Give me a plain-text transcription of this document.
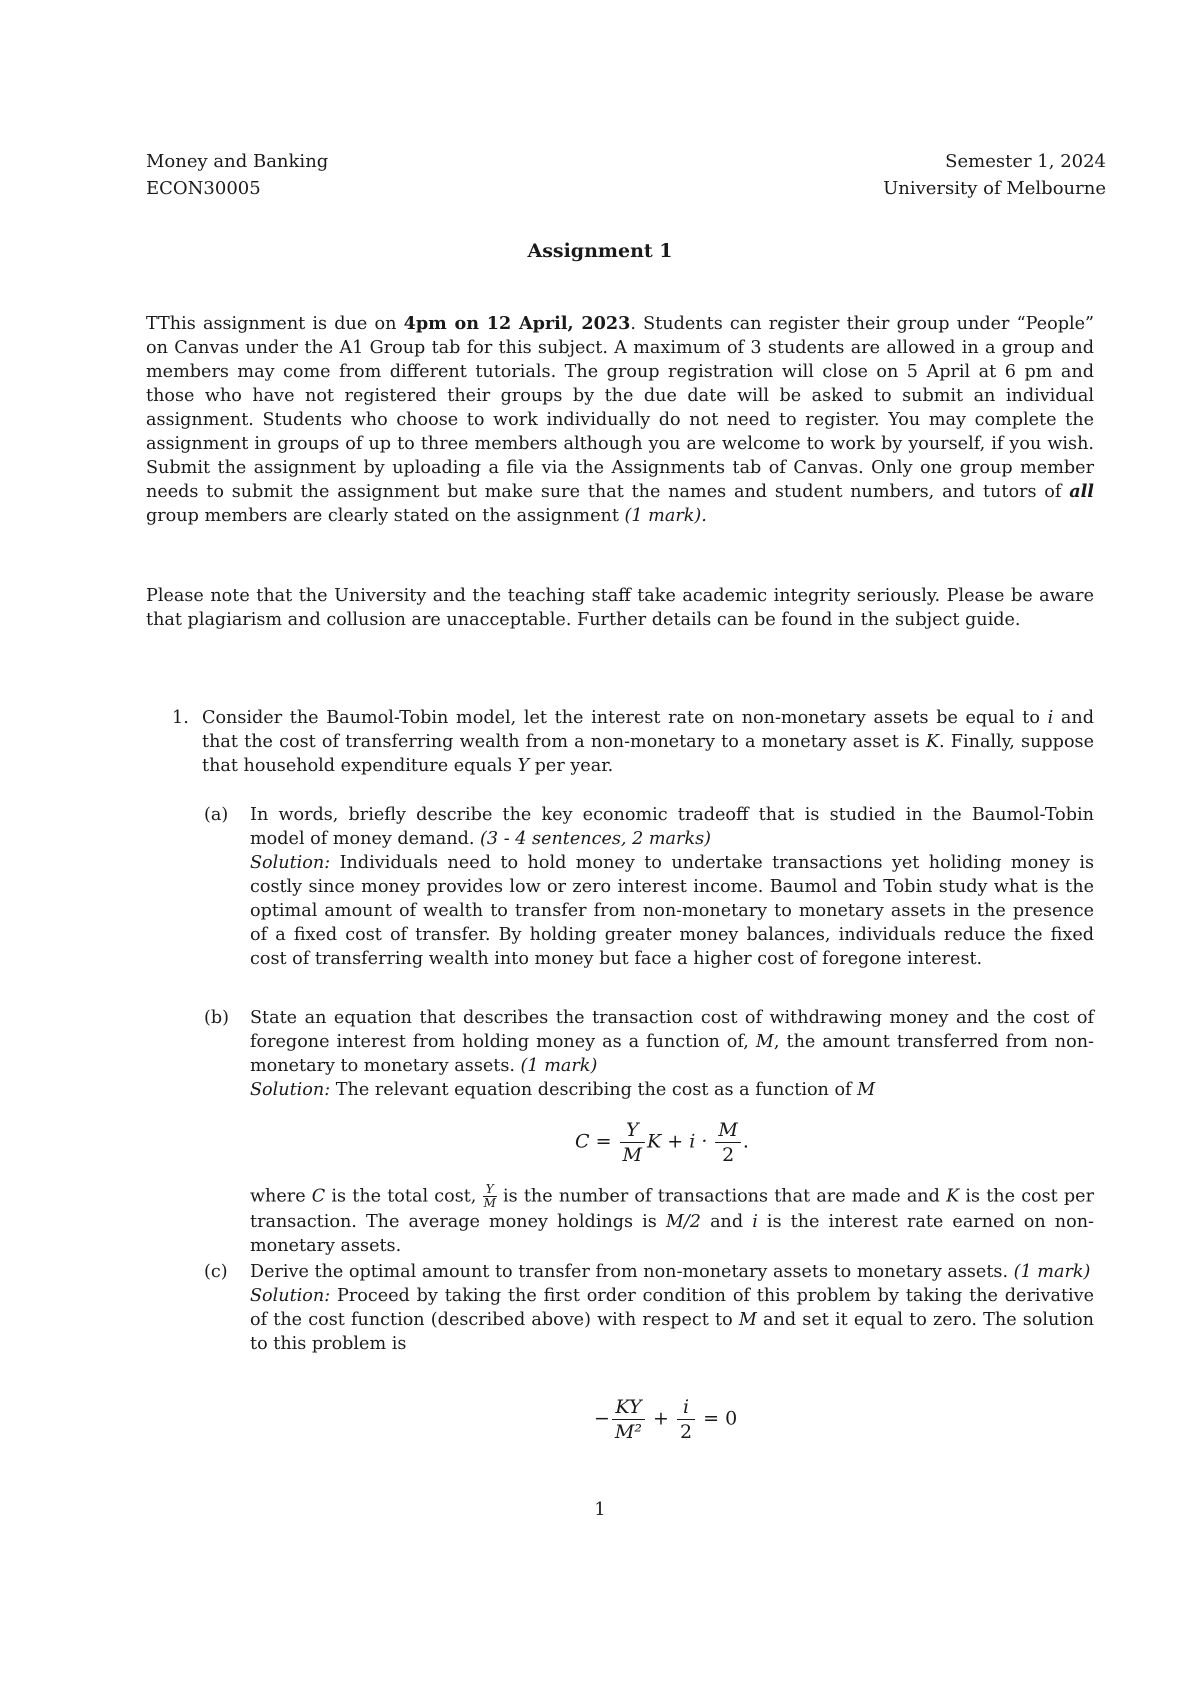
Money and Banking
ECON30005
Semester 1, 2024
University of Melbourne
Assignment 1
TThis assignment is due on 4pm on 12 April, 2023. Students can register their group under “People” on Canvas under the A1 Group tab for this subject. A maximum of 3 students are allowed in a group and members may come from different tutorials. The group registration will close on 5 April at 6 pm and those who have not registered their groups by the due date will be asked to submit an individual assignment. Students who choose to work individually do not need to register. You may complete the assignment in groups of up to three members although you are welcome to work by yourself, if you wish. Submit the assignment by uploading a file via the Assignments tab of Canvas. Only one group member needs to submit the assignment but make sure that the names and student numbers, and tutors of all group members are clearly stated on the assignment (1 mark).
Please note that the University and the teaching staff take academic integrity seriously. Please be aware that plagiarism and collusion are unacceptable. Further details can be found in the subject guide.
1. Consider the Baumol-Tobin model, let the interest rate on non-monetary assets be equal to i and that the cost of transferring wealth from a non-monetary to a monetary asset is K. Finally, suppose that household expenditure equals Y per year.
(a) In words, briefly describe the key economic tradeoff that is studied in the Baumol-Tobin model of money demand. (3 - 4 sentences, 2 marks)
Solution: Individuals need to hold money to undertake transactions yet holiding money is costly since money provides low or zero interest income. Baumol and Tobin study what is the optimal amount of wealth to transfer from non-monetary to monetary assets in the presence of a fixed cost of transfer. By holding greater money balances, individuals reduce the fixed cost of transferring wealth into money but face a higher cost of foregone interest.
(b) State an equation that describes the transaction cost of withdrawing money and the cost of foregone interest from holding money as a function of, M, the amount transferred from non-monetary to monetary assets. (1 mark)
Solution: The relevant equation describing the cost as a function of M
$C = \frac{Y}{M}$ $K + i \cdot \frac{M}{2}$ .
where C is the total cost, $\frac{Y}{M}$ is the number of transactions that are made and K is the cost per transaction. The average money holdings is M/2 and i is the interest rate earned on non-monetary assets.
(c) Derive the optimal amount to transfer from non-monetary assets to monetary assets. (1 mark)
Solution: Proceed by taking the first order condition of this problem by taking the derivative of the cost function (described above) with respect to M and set it equal to zero. The solution to this problem is
− $\frac{KY}{\text{M²}} + \frac{i}{2} = 0$
1
